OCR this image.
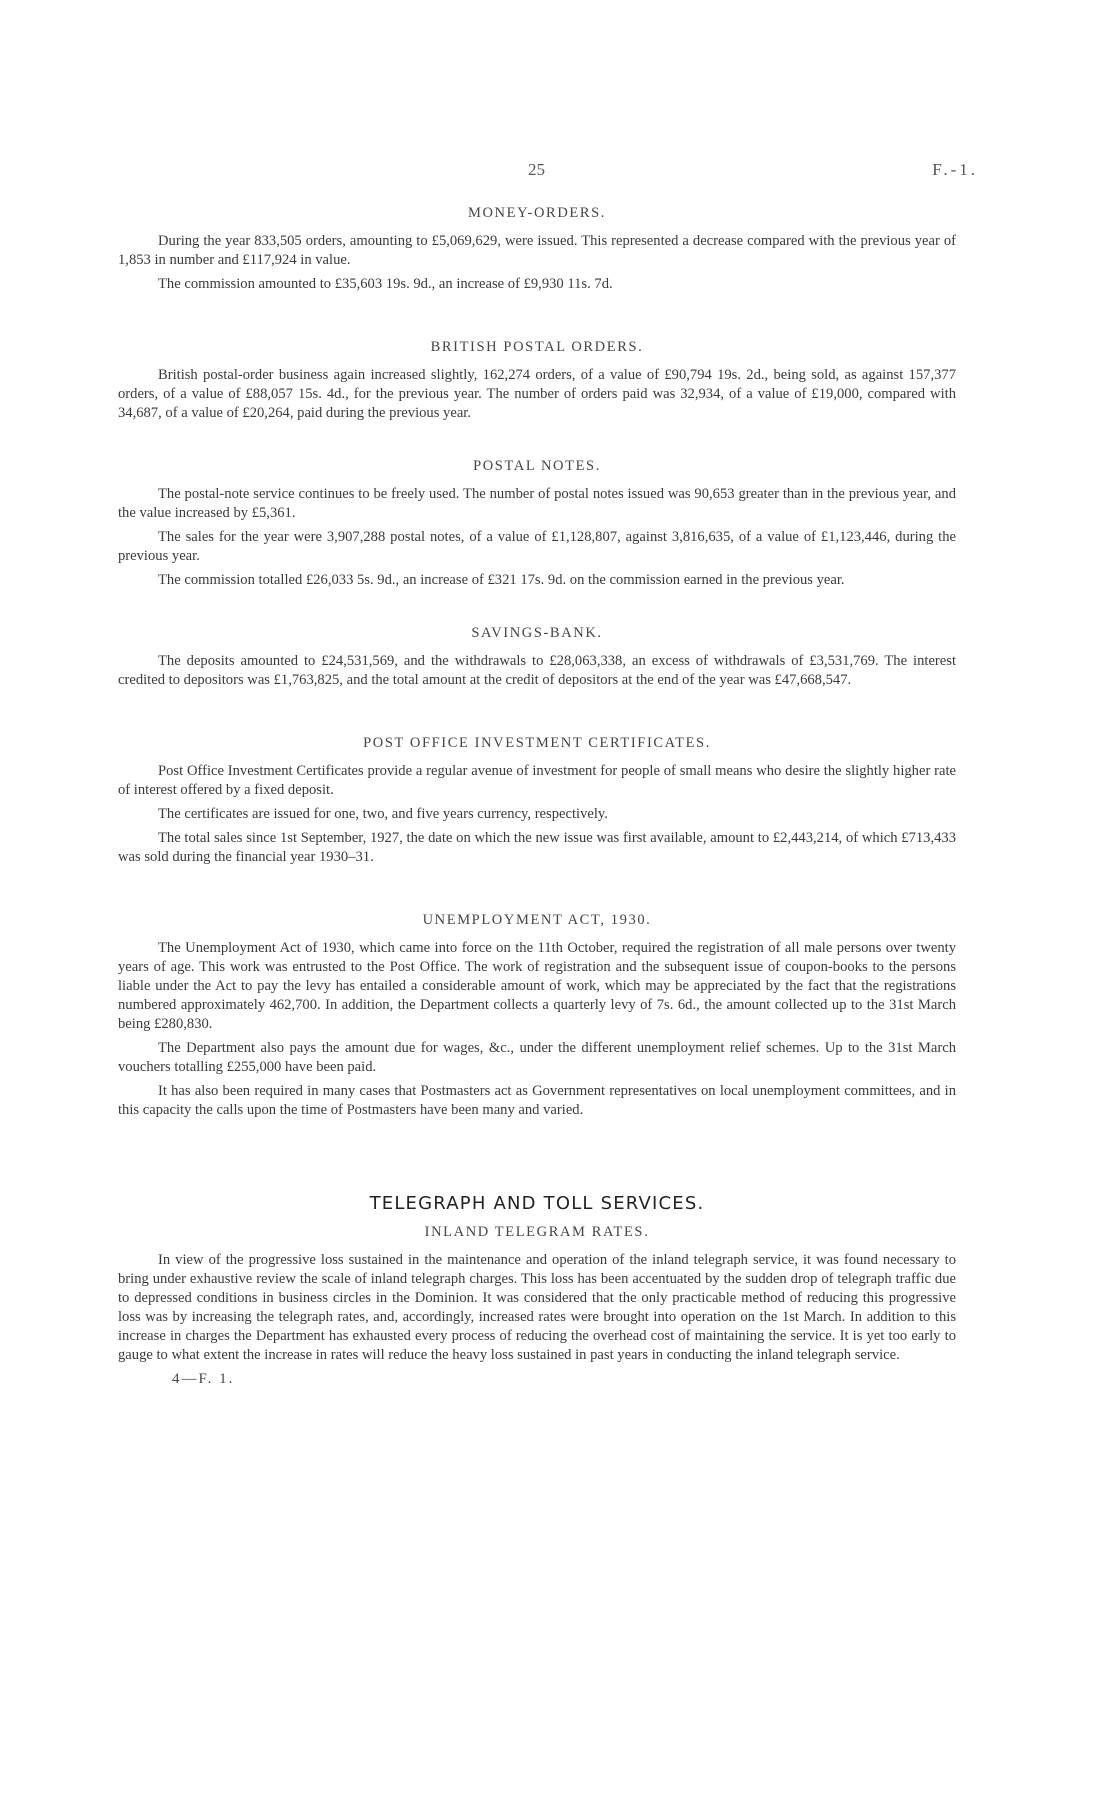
25	F.-1.
MONEY-ORDERS.

During the year 833,505 orders, amounting to £5,069,629, were issued. This represented a decrease compared with the previous year of 1,853 in number and £117,924 in value.

The commission amounted to £35,603 19s. 9d., an increase of £9,930 11s. 7d.

BRITISH POSTAL ORDERS.

British postal-order business again increased slightly, 162,274 orders, of a value of £90,794 19s. 2d., being sold, as against 157,377 orders, of a value of £88,057 15s. 4d., for the previous year. The number of orders paid was 32,934, of a value of £19,000, compared with 34,687, of a value of £20,264, paid during the previous year.

POSTAL NOTES.

The postal-note service continues to be freely used. The number of postal notes issued was 90,653 greater than in the previous year, and the value increased by £5,361.

The sales for the year were 3,907,288 postal notes, of a value of £1,128,807, against 3,816,635, of a value of £1,123,446, during the previous year.

The commission totalled £26,033 5s. 9d., an increase of £321 17s. 9d. on the commission earned in the previous year.

SAVINGS-BANK.

The deposits amounted to £24,531,569, and the withdrawals to £28,063,338, an excess of withdrawals of £3,531,769. The interest credited to depositors was £1,763,825, and the total amount at the credit of depositors at the end of the year was £47,668,547.

POST OFFICE INVESTMENT CERTIFICATES.

Post Office Investment Certificates provide a regular avenue of investment for people of small means who desire the slightly higher rate of interest offered by a fixed deposit.

The certificates are issued for one, two, and five years currency, respectively.

The total sales since 1st September, 1927, the date on which the new issue was first available, amount to £2,443,214, of which £713,433 was sold during the financial year 1930–31.

UNEMPLOYMENT ACT, 1930.

The Unemployment Act of 1930, which came into force on the 11th October, required the registration of all male persons over twenty years of age. This work was entrusted to the Post Office. The work of registration and the subsequent issue of coupon-books to the persons liable under the Act to pay the levy has entailed a considerable amount of work, which may be appreciated by the fact that the registrations numbered approximately 462,700. In addition, the Department collects a quarterly levy of 7s. 6d., the amount collected up to the 31st March being £280,830.

The Department also pays the amount due for wages, &c., under the different unemployment relief schemes. Up to the 31st March vouchers totalling £255,000 have been paid.

It has also been required in many cases that Postmasters act as Government representatives on local unemployment committees, and in this capacity the calls upon the time of Postmasters have been many and varied.

TELEGRAPH AND TOLL SERVICES.
INLAND TELEGRAM RATES.

In view of the progressive loss sustained in the maintenance and operation of the inland telegraph service, it was found necessary to bring under exhaustive review the scale of inland telegraph charges. This loss has been accentuated by the sudden drop of telegraph traffic due to depressed conditions in business circles in the Dominion. It was considered that the only practicable method of reducing this progressive loss was by increasing the telegraph rates, and, accordingly, increased rates were brought into operation on the 1st March. In addition to this increase in charges the Department has exhausted every process of reducing the overhead cost of maintaining the service. It is yet too early to gauge to what extent the increase in rates will reduce the heavy loss sustained in past years in conducting the inland telegraph service.

4—F. 1.
